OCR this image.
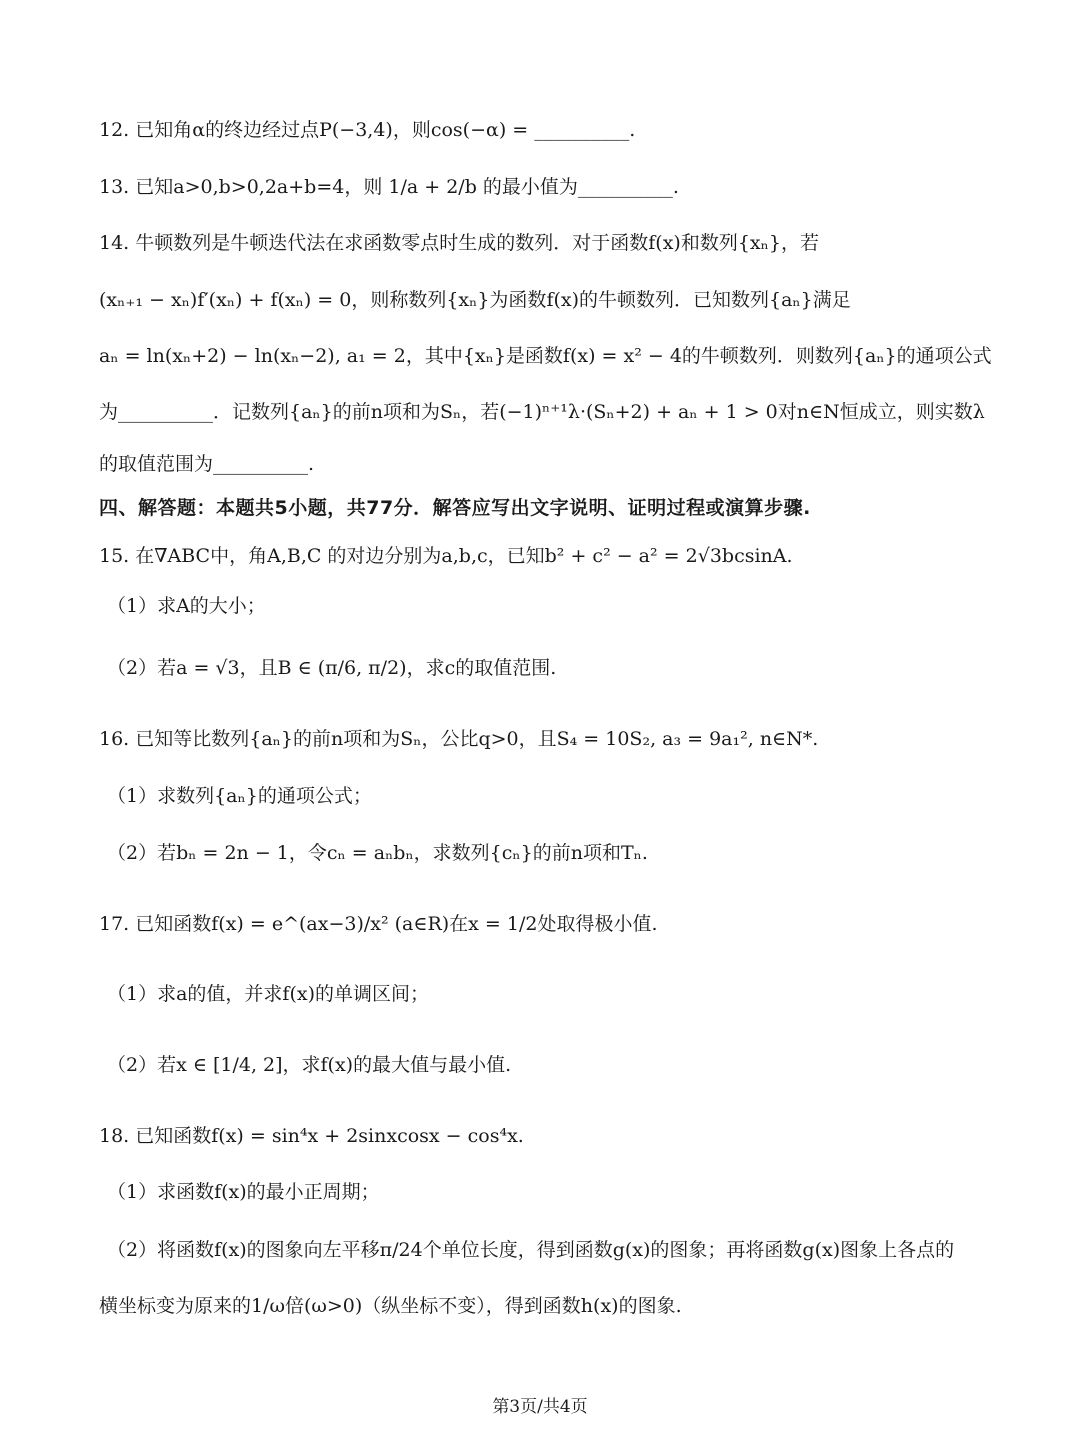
12. 已知角α的终边经过点P(−3,4)，则cos(−α) = __________.
13. 已知a>0,b>0,2a+b=4，则 1/a + 2/b 的最小值为__________.
14. 牛顿数列是牛顿迭代法在求函数零点时生成的数列．对于函数f(x)和数列{xₙ}，若
(xₙ₊₁ − xₙ)f′(xₙ) + f(xₙ) = 0，则称数列{xₙ}为函数f(x)的牛顿数列．已知数列{aₙ}满足
aₙ = ln(xₙ+2) − ln(xₙ−2), a₁ = 2，其中{xₙ}是函数f(x) = x² − 4的牛顿数列．则数列{aₙ}的通项公式
为__________．记数列{aₙ}的前n项和为Sₙ，若(−1)ⁿ⁺¹λ·(Sₙ+2) + aₙ + 1 > 0对n∈N恒成立，则实数λ
的取值范围为__________.
四、解答题：本题共5小题，共77分．解答应写出文字说明、证明过程或演算步骤.
15. 在∇ABC中，角A,B,C 的对边分别为a,b,c，已知b² + c² − a² = 2√3bcsinA.
（1）求A的大小；
（2）若a = √3，且B ∈ (π/6, π/2)，求c的取值范围.
16. 已知等比数列{aₙ}的前n项和为Sₙ，公比q>0，且S₄ = 10S₂, a₃ = 9a₁², n∈N*.
（1）求数列{aₙ}的通项公式；
（2）若bₙ = 2n − 1，令cₙ = aₙbₙ，求数列{cₙ}的前n项和Tₙ.
17. 已知函数f(x) = e^(ax−3)/x² (a∈R)在x = 1/2处取得极小值.
（1）求a的值，并求f(x)的单调区间；
（2）若x ∈ [1/4, 2]，求f(x)的最大值与最小值.
18. 已知函数f(x) = sin⁴x + 2sinxcosx − cos⁴x.
（1）求函数f(x)的最小正周期；
（2）将函数f(x)的图象向左平移π/24个单位长度，得到函数g(x)的图象；再将函数g(x)图象上各点的
横坐标变为原来的1/ω倍(ω>0)（纵坐标不变），得到函数h(x)的图象.
第3页/共4页
